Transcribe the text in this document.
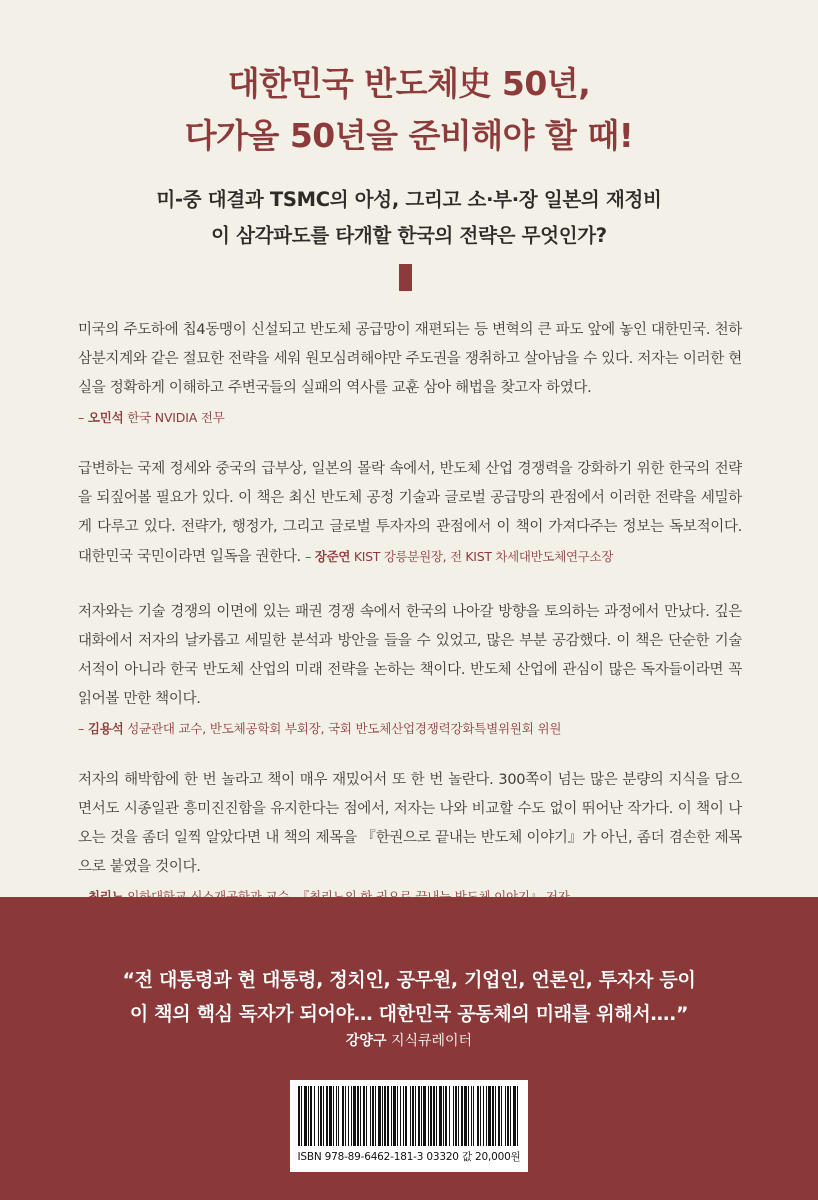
대한민국 반도체史 50년,
다가올 50년을 준비해야 할 때!
미-중 대결과 TSMC의 아성, 그리고 소·부·장 일본의 재정비
이 삼각파도를 타개할 한국의 전략은 무엇인가?

미국의 주도하에 칩4동맹이 신설되고 반도체 공급망이 재편되는 등 변혁의 큰 파도 앞에 놓인 대한민국. 천하삼분지계와 같은 절묘한 전략을 세워 원모심려해야만 주도권을 쟁취하고 살아남을 수 있다. 저자는 이러한 현실을 정확하게 이해하고 주변국들의 실패의 역사를 교훈 삼아 해법을 찾고자 하였다.

– 오민석 한국 NVIDIA 전무

급변하는 국제 정세와 중국의 급부상, 일본의 몰락 속에서, 반도체 산업 경쟁력을 강화하기 위한 한국의 전략을 되짚어볼 필요가 있다. 이 책은 최신 반도체 공정 기술과 글로벌 공급망의 관점에서 이러한 전략을 세밀하게 다루고 있다. 전략가, 행정가, 그리고 글로벌 투자자의 관점에서 이 책이 가져다주는 정보는 독보적이다. 대한민국 국민이라면 일독을 권한다. – 장준연 KIST 강릉분원장, 전 KIST 차세대반도체연구소장

저자와는 기술 경쟁의 이면에 있는 패권 경쟁 속에서 한국의 나아갈 방향을 토의하는 과정에서 만났다. 깊은 대화에서 저자의 날카롭고 세밀한 분석과 방안을 들을 수 있었고, 많은 부분 공감했다. 이 책은 단순한 기술 서적이 아니라 한국 반도체 산업의 미래 전략을 논하는 책이다. 반도체 산업에 관심이 많은 독자들이라면 꼭 읽어볼 만한 책이다.

– 김용석 성균관대 교수, 반도체공학회 부회장, 국회 반도체산업경쟁력강화특별위원회 위원

저자의 해박함에 한 번 놀라고 책이 매우 재밌어서 또 한 번 놀란다. 300쪽이 넘는 많은 분량의 지식을 담으면서도 시종일관 흥미진진함을 유지한다는 점에서, 저자는 나와 비교할 수도 없이 뛰어난 작가다. 이 책이 나오는 것을 좀더 일찍 알았다면 내 책의 제목을 『한권으로 끝내는 반도체 이야기』가 아닌, 좀더 겸손한 제목으로 붙였을 것이다.

“전 대통령과 현 대통령, 정치인, 공무원, 기업인, 언론인, 투자자 등이
이 책의 핵심 독자가 되어야… 대한민국 공동체의 미래를 위해서….”
강양구 지식큐레이터
ISBN 978-89-6462-181-3 03320 값 20,000원
